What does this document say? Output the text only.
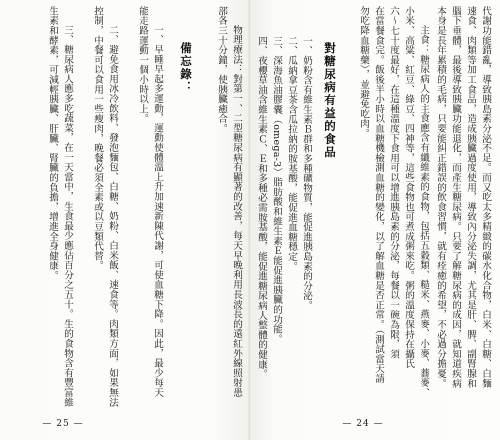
物理療法：對第一、二型糖尿病有顯著的改善，每天早晚利用長波長的遠紅外線照射患
部各三十分鐘，使胰臟癒合。
備忘錄：
一、早睡早起多運動，運動使體溫上升加速新陳代謝，可使血糖下降。因此，最少每天
能走路運動一個小時以上。
二、避免食用冰冷飲料、發泡麵包、白糖、奶粉、白米飯、速食等。肉類方面，如果無法
控制，中餐可以食用一些瘦肉，晚餐必須全素或以豆類代替。
三、糖尿病人應多吃蔬菜，在一天當中，生食最少應佔百分之五十。生的食物含有豐富維
生素和酵素，可減輕胰臟、肝臟、腎臟的負擔，增進全身健康。
— 25 —
代謝功能錯亂，導致胰島素分泌不足。而又吃太多精緻的碳水化合物，白米、白糖、白麵
速食、肉類等加工食品，造成胰臟過度使用，導致內分泌失調，尤其是肝、脾、副腎腺和
腦下垂體，最後導致胰臟功能退化，而產生糖尿病。只要了解糖尿病的成因，就知道疾病
本身是長年累積的毛病，只要能糾正錯誤的飲食習慣，就有痊癒的希望，不必過分擔憂。
主食：糖尿病人的主食應含有纖維素的食物，包括五穀類、糙米、燕麥、小麥、蕎麥、
小米、高粱、紅豆、綠豆、四神等，這些食物也可煮成粥來吃。粥的溫度保持在攝氏
六～七十度最好，在這種溫度下食用可以增進胰島素的分泌，每餐以一碗為限，須
在當餐食完。飯後半小時以血糖機檢測血糖的變化，以了解血糖是否正常。（測試當天請
勿吃降血糖藥），並避免吃肉。
對糖尿病有益的食品
一、奶粉含有維生素Ｂ群和多種礦物質，能促進胰島素的分泌。
二、瓜納拿豆茶含瓜拉納的胺基酸，能促進血糖穩定。
三、深海魚油膠囊（omega-3）脂肪酸和維生素Ｅ能促進胰臟的功能。
四、夜櫻草油含維生素Ｃ、Ｅ和多種必需胺基酸，能促進糖尿病人整體的健康。
— 24 —
